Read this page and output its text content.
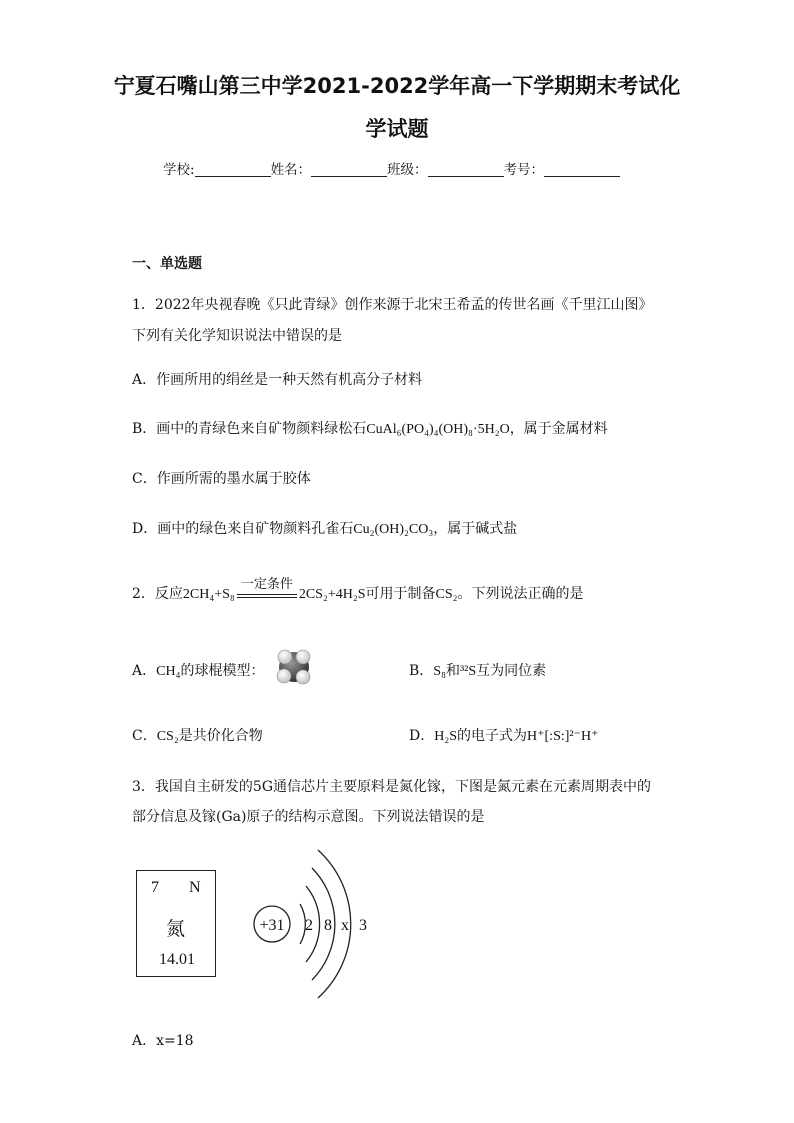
宁夏石嘴山第三中学2021-2022学年高一下学期期末考试化
学试题
学校:	姓名：	班级：	考号：
一、单选题
1．2022年央视春晚《只此青绿》创作来源于北宋王希孟的传世名画《千里江山图》
下列有关化学知识说法中错误的是
A．作画所用的绢丝是一种天然有机高分子材料
B．画中的青绿色来自矿物颜料绿松石CuAl₆(PO₄)₄(OH)₈·5H₂O，属于金属材料
C．作画所需的墨水属于胶体
D．画中的绿色来自矿物颜料孔雀石Cu₂(OH)₂CO₃，属于碱式盐
2．反应2CH₄+S₈
一定条件
2CS₂+4H₂S可用于制备CS₂。下列说法正确的是
A．CH₄的球棍模型：	B．S₈和³²S互为同位素
C．CS₂是共价化合物	D．H₂S的电子式为H⁺[:S:]²⁻H⁺
3．我国自主研发的5G通信芯片主要原料是氮化镓，下图是氮元素在元素周期表中的
部分信息及镓(Ga)原子的结构示意图。下列说法错误的是
7 N
氮
14.01
+31 2 8 x 3
A．x=18
